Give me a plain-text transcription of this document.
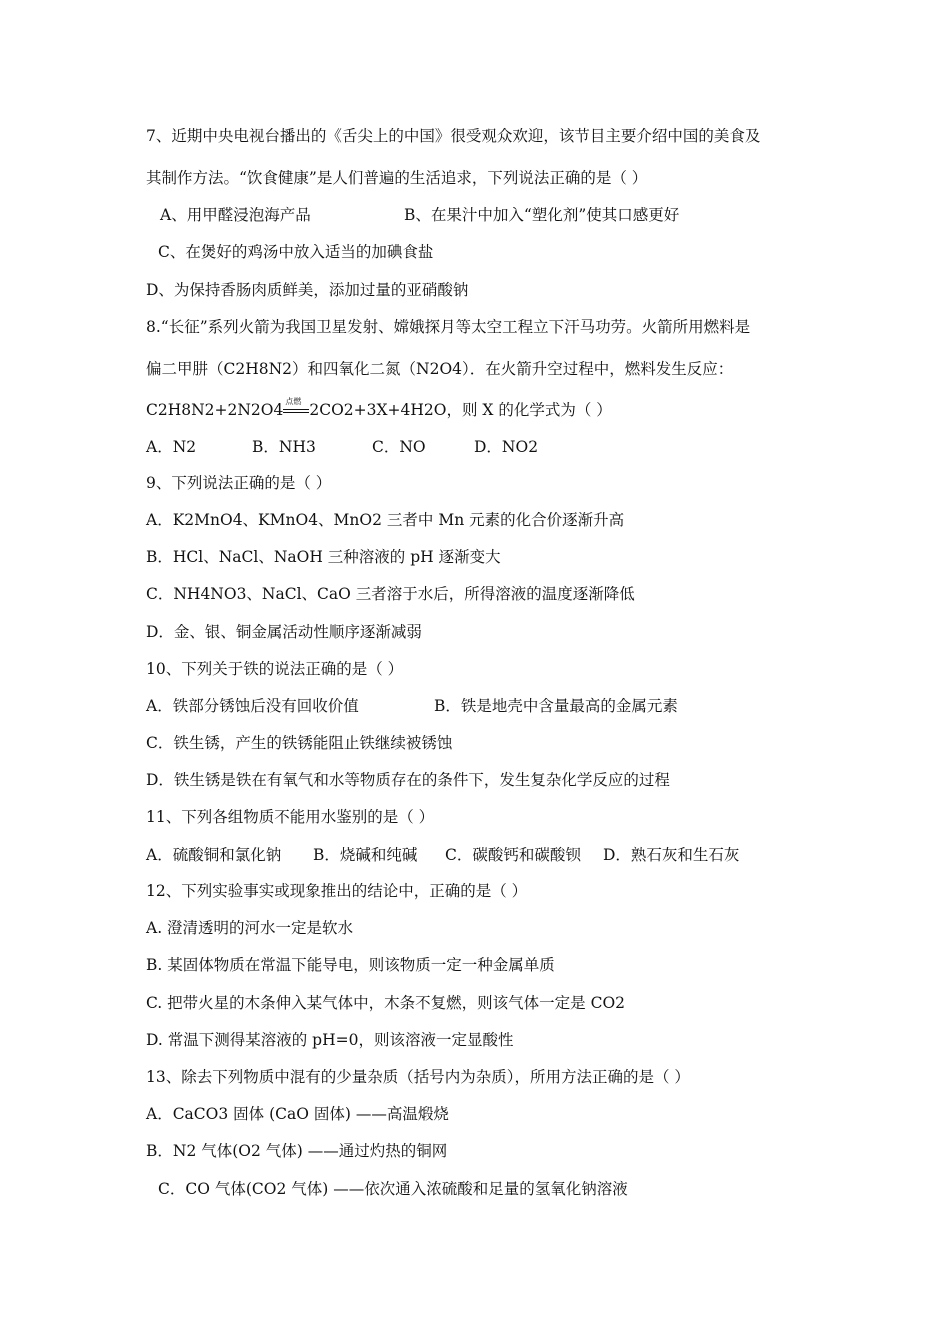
7、近期中央电视台播出的《舌尖上的中国》很受观众欢迎，该节目主要介绍中国的美食及
其制作方法。“饮食健康”是人们普遍的生活追求，下列说法正确的是（ ）
A、用甲醛浸泡海产品	B、在果汁中加入“塑化剂”使其口感更好
C、在煲好的鸡汤中放入适当的加碘食盐
D、为保持香肠肉质鲜美，添加过量的亚硝酸钠
8.“长征”系列火箭为我国卫星发射、嫦娥探月等太空工程立下汗马功劳。火箭所用燃料是
偏二甲肼（C2H8N2）和四氧化二氮（N2O4）．在火箭升空过程中，燃料发生反应：
C2H8N2+2N2O4 点燃 2CO2+3X+4H2O，则 X 的化学式为（ ）
A．N2	B．NH3	C．NO	D．NO2
9、下列说法正确的是（ ）
A．K2MnO4、KMnO4、MnO2 三者中 Mn 元素的化合价逐渐升高
B．HCl、NaCl、NaOH 三种溶液的 pH 逐渐变大
C．NH4NO3、NaCl、CaO 三者溶于水后，所得溶液的温度逐渐降低
D．金、银、铜金属活动性顺序逐渐减弱
10、下列关于铁的说法正确的是（ ）
A．铁部分锈蚀后没有回收价值	B．铁是地壳中含量最高的金属元素
C．铁生锈，产生的铁锈能阻止铁继续被锈蚀
D．铁生锈是铁在有氧气和水等物质存在的条件下，发生复杂化学反应的过程
11、下列各组物质不能用水鉴别的是（ ）
A．硫酸铜和氯化钠 B．烧碱和纯碱 C．碳酸钙和碳酸钡 D．熟石灰和生石灰
12、下列实验事实或现象推出的结论中，正确的是（ ）
A. 澄清透明的河水一定是软水
B. 某固体物质在常温下能导电，则该物质一定一种金属单质
C. 把带火星的木条伸入某气体中，木条不复燃，则该气体一定是 CO2
D. 常温下测得某溶液的 pH=0，则该溶液一定显酸性
13、除去下列物质中混有的少量杂质（括号内为杂质），所用方法正确的是（ ）
A．CaCO3 固体 (CaO 固体) ——高温煅烧
B．N2 气体(O2 气体) ——通过灼热的铜网
C．CO 气体(CO2 气体) ——依次通入浓硫酸和足量的氢氧化钠溶液
